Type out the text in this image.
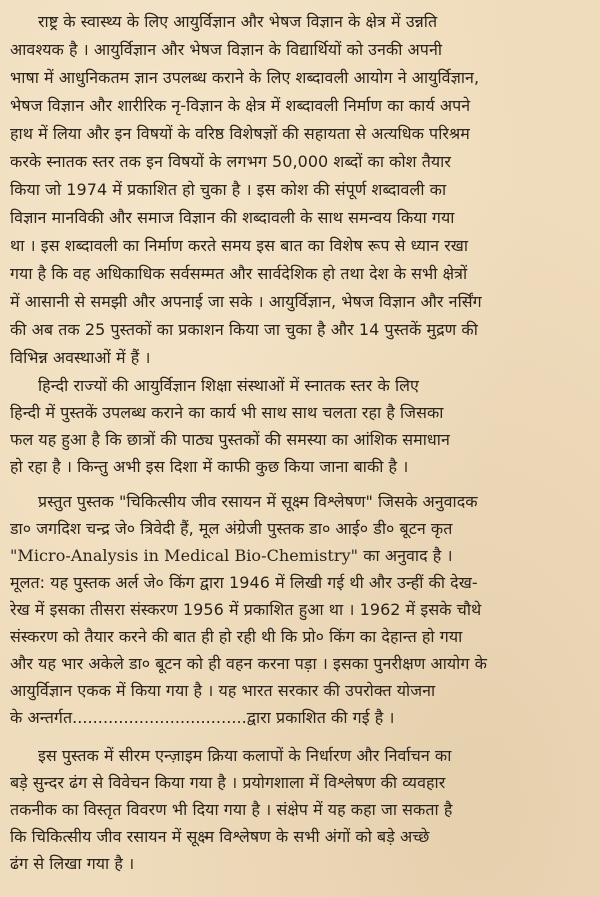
राष्ट्र के स्वास्थ्य के लिए आयुर्विज्ञान और भेषज विज्ञान के क्षेत्र में उन्नति
आवश्यक है । आयुर्विज्ञान और भेषज विज्ञान के विद्यार्थियों को उनकी अपनी
भाषा में आधुनिकतम ज्ञान उपलब्ध कराने के लिए शब्दावली आयोग ने आयुर्विज्ञान,
भेषज विज्ञान और शारीरिक नृ-विज्ञान के क्षेत्र में शब्दावली निर्माण का कार्य अपने
हाथ में लिया और इन विषयों के वरिष्ठ विशेषज्ञों की सहायता से अत्यधिक परिश्रम
करके स्नातक स्तर तक इन विषयों के लगभग 50,000 शब्दों का कोश तैयार
किया जो 1974 में प्रकाशित हो चुका है । इस कोश की संपूर्ण शब्दावली का
विज्ञान मानविकी और समाज विज्ञान की शब्दावली के साथ समन्वय किया गया
था । इस शब्दावली का निर्माण करते समय इस बात का विशेष रूप से ध्यान रखा
गया है कि वह अधिकाधिक सर्वसम्मत और सार्वदेशिक हो तथा देश के सभी क्षेत्रों
में आसानी से समझी और अपनाई जा सके । आयुर्विज्ञान, भेषज विज्ञान और नर्सिंग
की अब तक 25 पुस्तकों का प्रकाशन किया जा चुका है और 14 पुस्तकें मुद्रण की
विभिन्न अवस्थाओं में हैं ।
हिन्दी राज्यों की आयुर्विज्ञान शिक्षा संस्थाओं में स्नातक स्तर के लिए
हिन्दी में पुस्तकें उपलब्ध कराने का कार्य भी साथ साथ चलता रहा है जिसका
फल यह हुआ है कि छात्रों की पाठ्य पुस्तकों की समस्या का आंशिक समाधान
हो रहा है । किन्तु अभी इस दिशा में काफी कुछ किया जाना बाकी है ।
प्रस्तुत पुस्तक "चिकित्सीय जीव रसायन में सूक्ष्म विश्लेषण" जिसके अनुवादक
डा० जगदिश चन्द्र जे० त्रिवेदी हैं, मूल अंग्रेजी पुस्तक डा० आई० डी० बूटन कृत
"Micro-Analysis in Medical Bio-Chemistry" का अनुवाद है ।
मूलत: यह पुस्तक अर्ल जे० किंग द्वारा 1946 में लिखी गई थी और उन्हीं की देख-
रेख में इसका तीसरा संस्करण 1956 में प्रकाशित हुआ था । 1962 में इसके चौथे
संस्करण को तैयार करने की बात ही हो रही थी कि प्रो० किंग का देहान्त हो गया
और यह भार अकेले डा० बूटन को ही वहन करना पड़ा । इसका पुनरीक्षण आयोग के
आयुर्विज्ञान एकक में किया गया है । यह भारत सरकार की उपरोक्त योजना
के अन्तर्गत..................................द्वारा प्रकाशित की गई है ।
इस पुस्तक में सीरम एन्ज़ाइम क्रिया कलापों के निर्धारण और निर्वाचन का
बड़े सुन्दर ढंग से विवेचन किया गया है । प्रयोगशाला में विश्लेषण की व्यवहार
तकनीक का विस्तृत विवरण भी दिया गया है । संक्षेप में यह कहा जा सकता है
कि चिकित्सीय जीव रसायन में सूक्ष्म विश्लेषण के सभी अंगों को बड़े अच्छे
ढंग से लिखा गया है ।
